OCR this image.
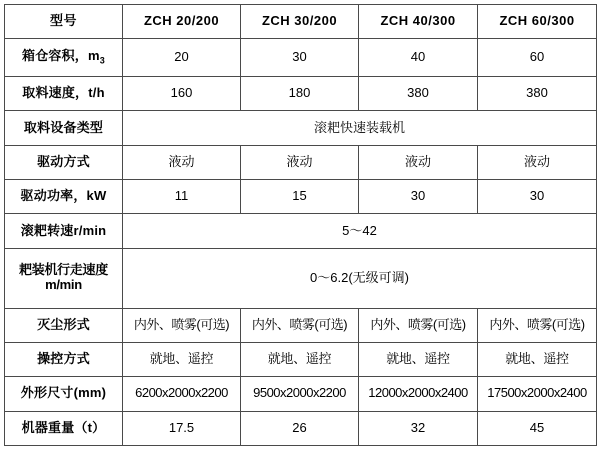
型号	ZCH 20/200	ZCH 30/200	ZCH 40/300	ZCH 60/300
箱仓容积，$m_3$	20	30	40	60
取料速度，t/h	160	180	380	380
取料设备类型	滚耙快速装载机			
驱动方式	液动	液动	液动	液动
驱动功率，kW	11	15	30	30
滚耙转速r/min	5～42			
耙装机行走速度m/min	0～6.2(无级可调)			
灭尘形式	内外、喷雾(可选)	内外、喷雾(可选)	内外、喷雾(可选)	内外、喷雾(可选)
操控方式	就地、遥控	就地、遥控	就地、遥控	就地、遥控
外形尺寸(mm)	6200x2000x2200	9500x2000x2200	12000x2000x2400	17500x2000x2400
机器重量（t）	17.5	26	32	45
